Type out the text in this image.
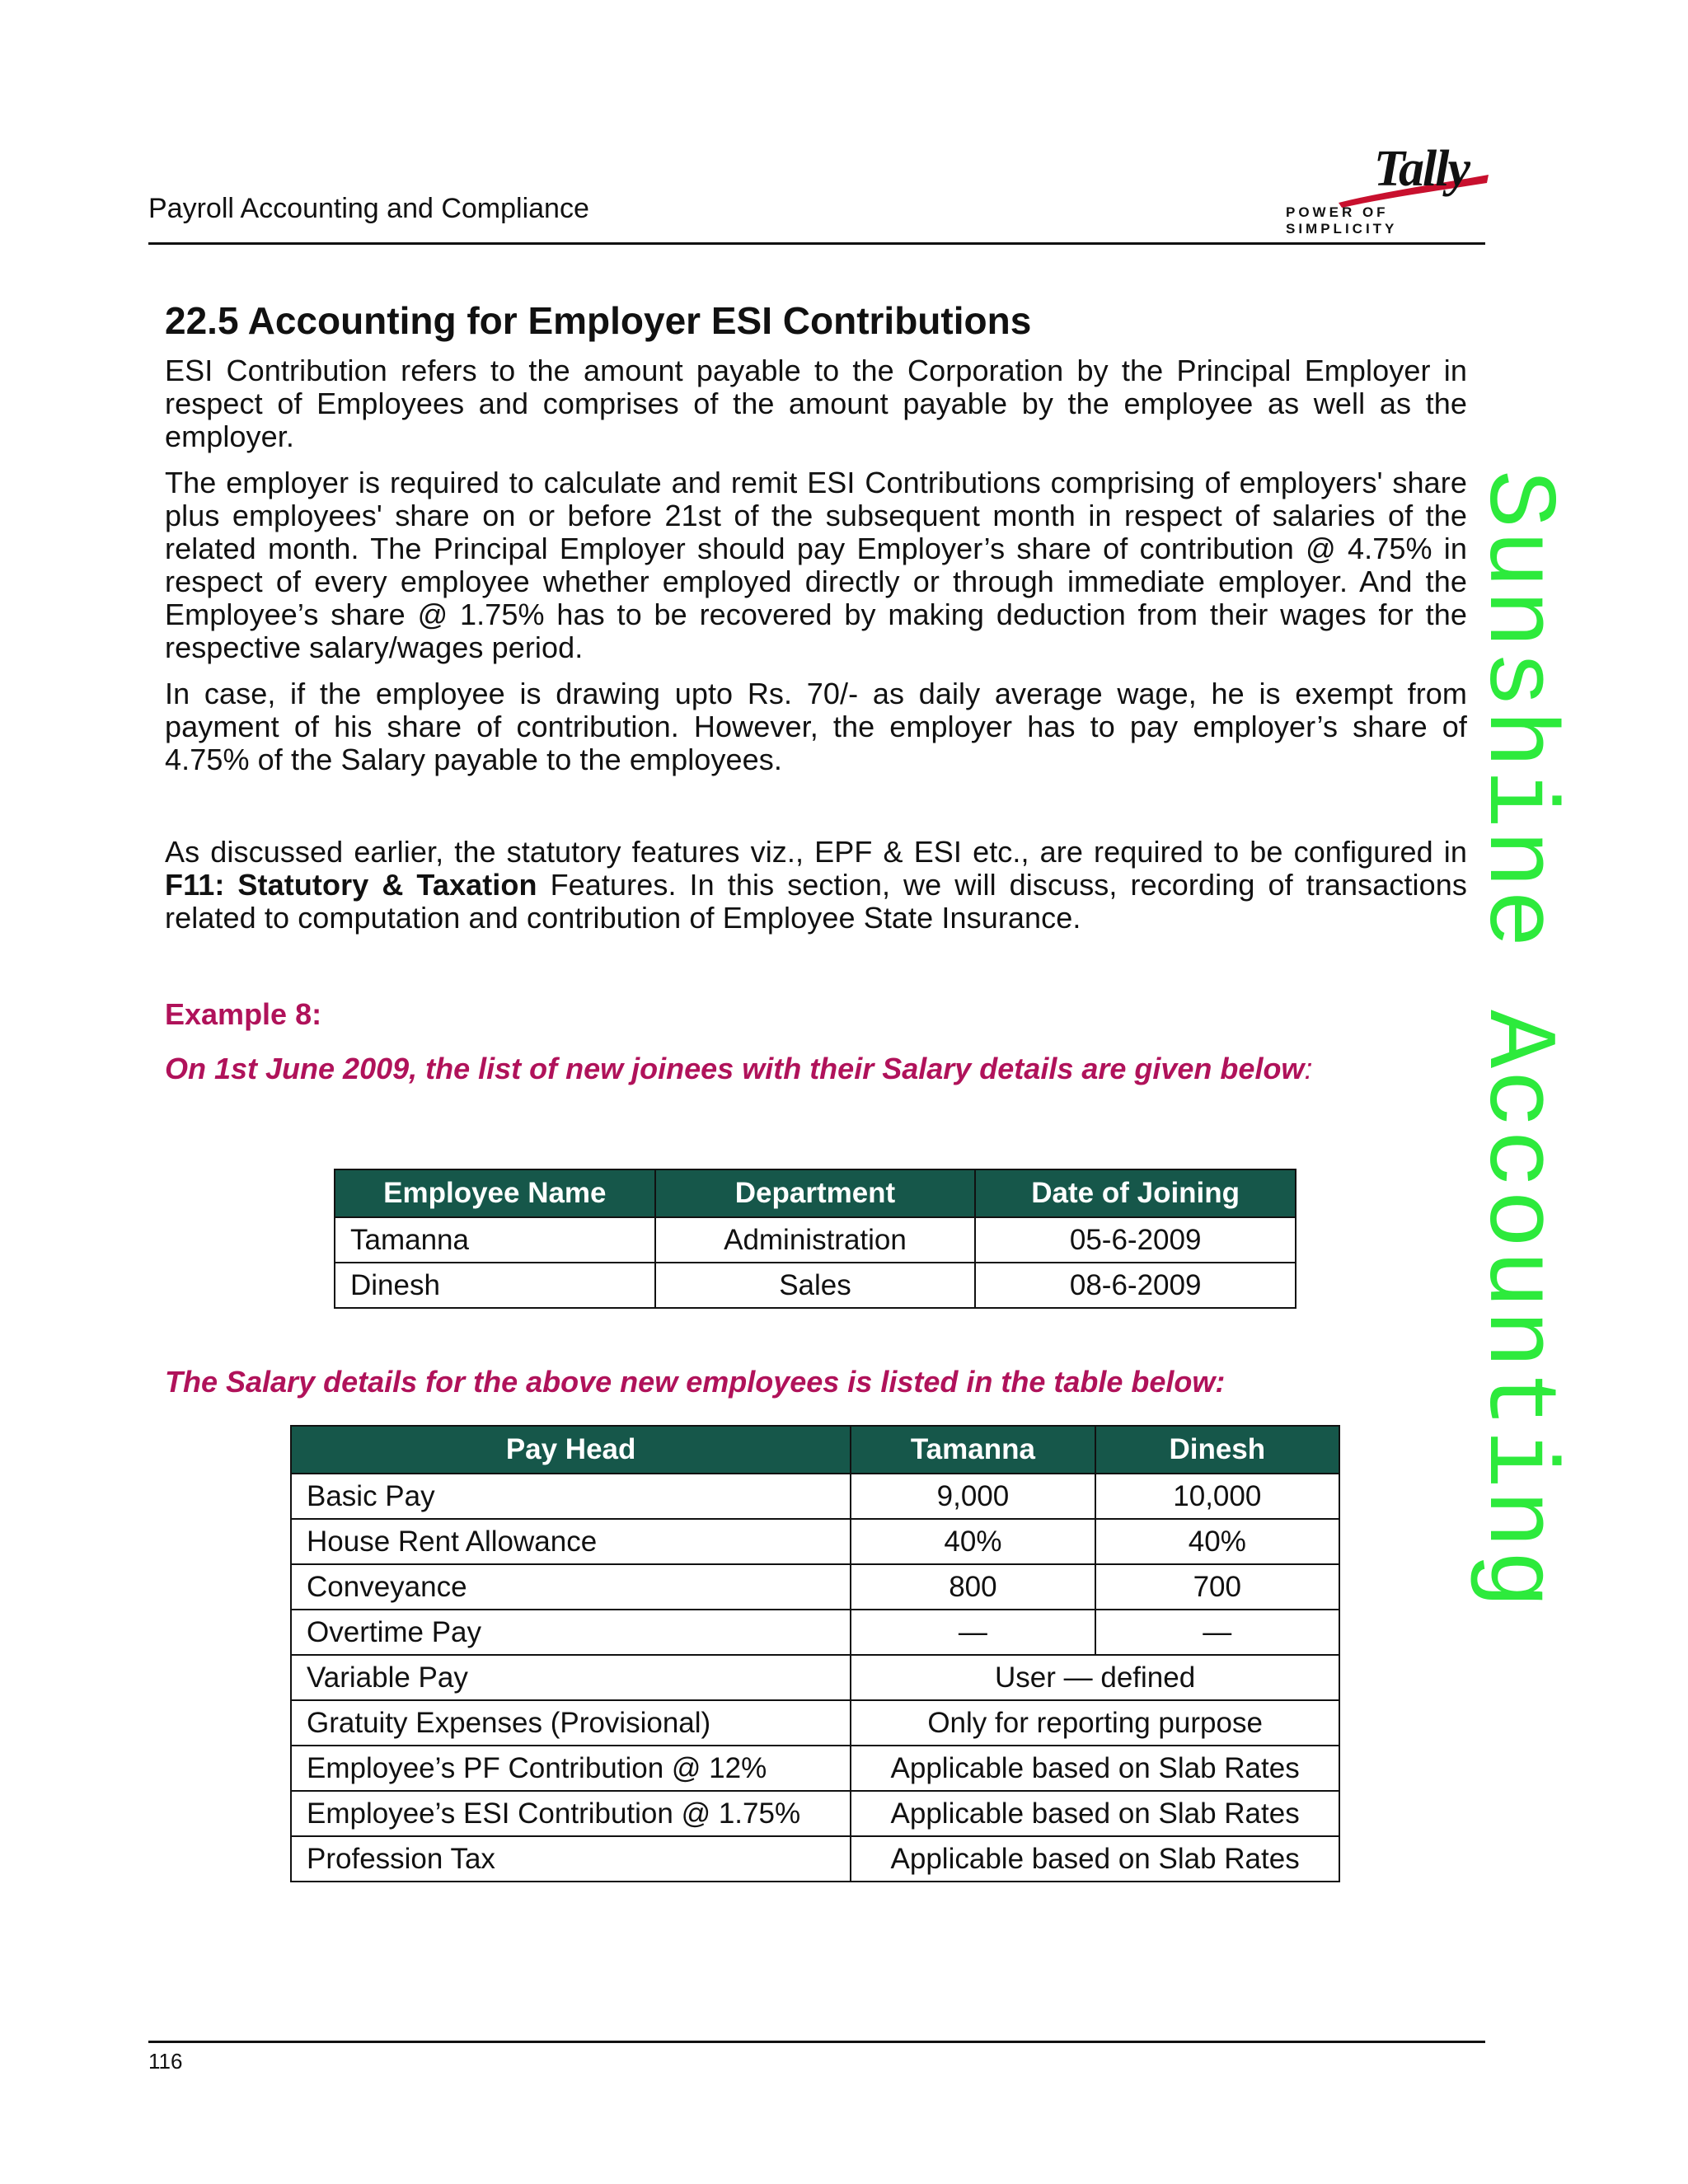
Payroll Accounting and Compliance
Tally
POWER OF SIMPLICITY
22.5 Accounting for Employer ESI Contributions

ESI Contribution refers to the amount payable to the Corporation by the Principal Employer in respect of Employees and comprises of the amount payable by the employee as well as the employer.

The employer is required to calculate and remit ESI Contributions comprising of employers' share plus employees' share on or before 21st of the subsequent month in respect of salaries of the related month. The Principal Employer should pay Employer’s share of contribution @ 4.75% in respect of every employee whether employed directly or through immediate employer. And the Employee’s share @ 1.75% has to be recovered by making deduction from their wages for the respective salary/wages period.

In case, if the employee is drawing upto Rs. 70/- as daily average wage, he is exempt from payment of his share of contribution. However, the employer has to pay employer’s share of 4.75% of the Salary payable to the employees.

As discussed earlier, the statutory features viz., EPF & ESI etc., are required to be configured in F11: Statutory & Taxation Features. In this section, we will discuss, recording of transactions related to computation and contribution of Employee State Insurance.

Example 8:
On 1st June 2009, the list of new joinees with their Salary details are given below:
Employee Name	Department	Date of Joining
Tamanna	Administration	05-6-2009
Dinesh	Sales	08-6-2009
The Salary details for the above new employees is listed in the table below:
Pay Head	Tamanna	Dinesh
Basic Pay	9,000	10,000
House Rent Allowance	40%	40%
Conveyance	800	700
Overtime Pay	—	—
Variable Pay	User — defined	
Gratuity Expenses (Provisional)	Only for reporting purpose	
Employee’s PF Contribution @ 12%	Applicable based on Slab Rates	
Employee’s ESI Contribution @ 1.75%	Applicable based on Slab Rates	
Profession Tax	Applicable based on Slab Rates	
116
Sunshine Accounting
